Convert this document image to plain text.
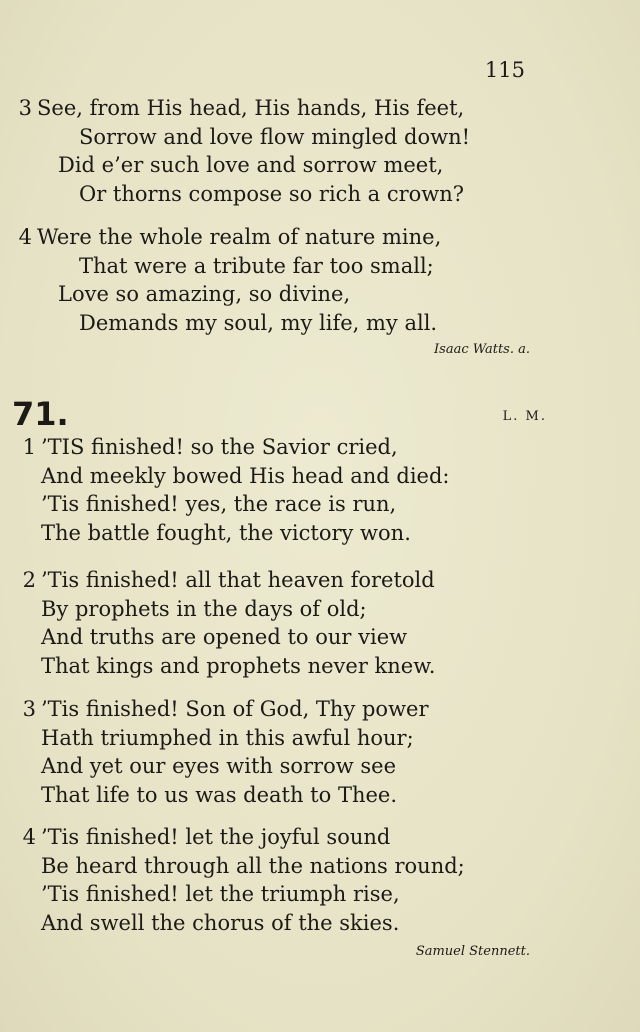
115
3 See, from His head, His hands, His feet,
Sorrow and love flow mingled down!
Did e’er such love and sorrow meet,
Or thorns compose so rich a crown?
4 Were the whole realm of nature mine,
That were a tribute far too small;
Love so amazing, so divine,
Demands my soul, my life, my all.
Isaac Watts. a.
71.	L. M.
1 ’TIS finished! so the Savior cried,
And meekly bowed His head and died:
’Tis finished! yes, the race is run,
The battle fought, the victory won.
2 ’Tis finished! all that heaven foretold
By prophets in the days of old;
And truths are opened to our view
That kings and prophets never knew.
3 ’Tis finished! Son of God, Thy power
Hath triumphed in this awful hour;
And yet our eyes with sorrow see
That life to us was death to Thee.
4 ’Tis finished! let the joyful sound
Be heard through all the nations round;
’Tis finished! let the triumph rise,
And swell the chorus of the skies.
Samuel Stennett.
